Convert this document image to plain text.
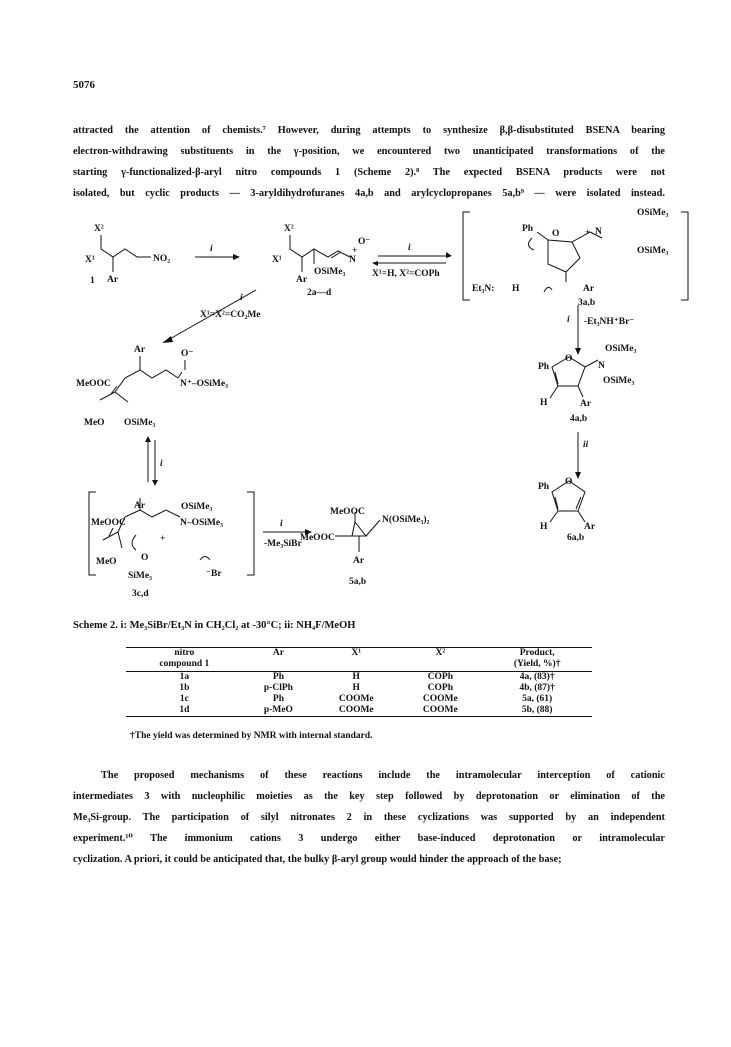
5076
attracted the attention of chemists.⁷ However, during attempts to synthesize β,β-disubstituted BSENA bearing
electron-withdrawing substituents in the γ-position, we encountered two unanticipated transformations of the
starting γ-functionalized-β-aryl nitro compounds 1 (Scheme 2).⁸ The expected BSENA products were not
isolated, but cyclic products — 3-aryldihydrofuranes 4a,b and arylcyclopropanes 5a,b⁹ — were isolated instead.
X²
X¹	NO₂
Ar
1
i
X²
X¹	N
+
O⁻
Ar
OSiMe₃
2a—d
i
X¹=H, X²=COPh
OSiMe₃
Ph O	+ N
OSiMe₃
Et₃N: H	Ar
3a,b
i -Et₃NH⁺Br⁻
OSiMe₃
Ph
O
N
OSiMe₃
H	Ar
4a,b
ii
Ph O
H	Ar
6a,b
i
X¹=X²=CO₂Me
Ar	O⁻
MeOOC	N⁺–OSiMe₃
MeO OSiMe₃
i
Ar	OSiMe₃
MeOOC	N–OSiMe₃
+
MeO	O
SiMe₃	⁻Br
3c,d
i
-Me₃SiBr
MeOOC
MeOOC
N(OSiMe₃)₂
Ar
5a,b
Scheme 2. i: Me₃SiBr/Et₃N in CH₂Cl₂ at -30°C; ii: NH₄F/MeOH
nitro	Ar	X¹	X²	Product,
compound 1				(Yield, %)†
1a	Ph	H	COPh	4a, (83)†
1b	p-ClPh	H	COPh	4b, (87)†
1c	Ph	COOMe	COOMe	5a, (61)
1d	p-MeO	COOMe	COOMe	5b, (88)
†The yield was determined by NMR with internal standard.
The proposed mechanisms of these reactions include the intramolecular interception of cationic
intermediates 3 with nucleophilic moieties as the key step followed by deprotonation or elimination of the
Me₃Si-group. The participation of silyl nitronates 2 in these cyclizations was supported by an independent
experiment.¹⁰ The immonium cations 3 undergo either base-induced deprotonation or intramolecular
cyclization. A priori, it could be anticipated that, the bulky β-aryl group would hinder the approach of the base;
